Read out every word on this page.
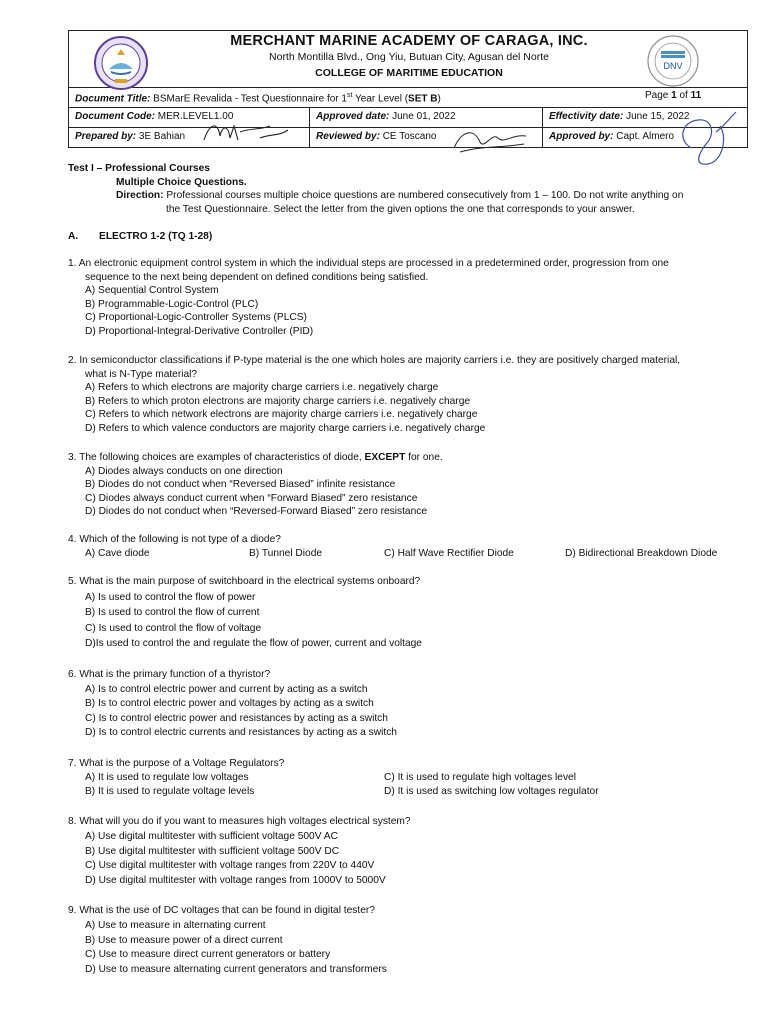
MERCHANT MARINE ACADEMY OF CARAGA, INC.
North Montilla Blvd., Ong Yiu, Butuan City, Agusan del Norte
COLLEGE OF MARITIME EDUCATION
DNV
Document Title: BSMarE Revalida - Test Questionnaire for 1st Year Level (SET B)	Page 1 of 11
Document Code: MER.LEVEL1.00	Approved date: June 01, 2022	Effectivity date: June 15, 2022
Prepared by: 3E Bahian	Reviewed by: CE Toscano	Approved by: Capt. Almero

Test I – Professional Courses

Multiple Choice Questions.

Direction: Professional courses multiple choice questions are numbered consecutively from 1 – 100. Do not write anything on

the Test Questionnaire. Select the letter from the given options the one that corresponds to your answer.

A. ELECTRO 1-2 (TQ 1-28)

1. An electronic equipment control system in which the individual steps are processed in a predetermined order, progression from one

sequence to the next being dependent on defined conditions being satisfied.

A) Sequential Control System

B) Programmable-Logic-Control (PLC)

C) Proportional-Logic-Controller Systems (PLCS)

D) Proportional-Integral-Derivative Controller (PID)

2. In semiconductor classifications if P-type material is the one which holes are majority carriers i.e. they are positively charged material,

what is N-Type material?

A) Refers to which electrons are majority charge carriers i.e. negatively charge

B) Refers to which proton electrons are majority charge carriers i.e. negatively charge

C) Refers to which network electrons are majority charge carriers i.e. negatively charge

D) Refers to which valence conductors are majority charge carriers i.e. negatively charge

3. The following choices are examples of characteristics of diode, EXCEPT for one.

A) Diodes always conducts on one direction

B) Diodes do not conduct when “Reversed Biased” infinite resistance

C) Diodes always conduct current when “Forward Biased” zero resistance

D) Diodes do not conduct when “Reversed-Forward Biased” zero resistance

4. Which of the following is not type of a diode?

A) Cave diode	B) Tunnel Diode	C) Half Wave Rectifier Diode	D) Bidirectional Breakdown Diode

5. What is the main purpose of switchboard in the electrical systems onboard?

A) Is used to control the flow of power

B) Is used to control the flow of current

C) Is used to control the flow of voltage

D)Is used to control the and regulate the flow of power, current and voltage

6. What is the primary function of a thyristor?

A) Is to control electric power and current by acting as a switch

B) Is to control electric power and voltages by acting as a switch

C) Is to control electric power and resistances by acting as a switch

D) Is to control electric currents and resistances by acting as a switch

7. What is the purpose of a Voltage Regulators?

A) It is used to regulate low voltages	C) It is used to regulate high voltages level
B) It is used to regulate voltage levels	D) It is used as switching low voltages regulator

8. What will you do if you want to measures high voltages electrical system?

A) Use digital multitester with sufficient voltage 500V AC

B) Use digital multitester with sufficient voltage 500V DC

C) Use digital multitester with voltage ranges from 220V to 440V

D) Use digital multitester with voltage ranges from 1000V to 5000V

9. What is the use of DC voltages that can be found in digital tester?

A) Use to measure in alternating current

B) Use to measure power of a direct current

C) Use to measure direct current generators or battery

D) Use to measure alternating current generators and transformers
